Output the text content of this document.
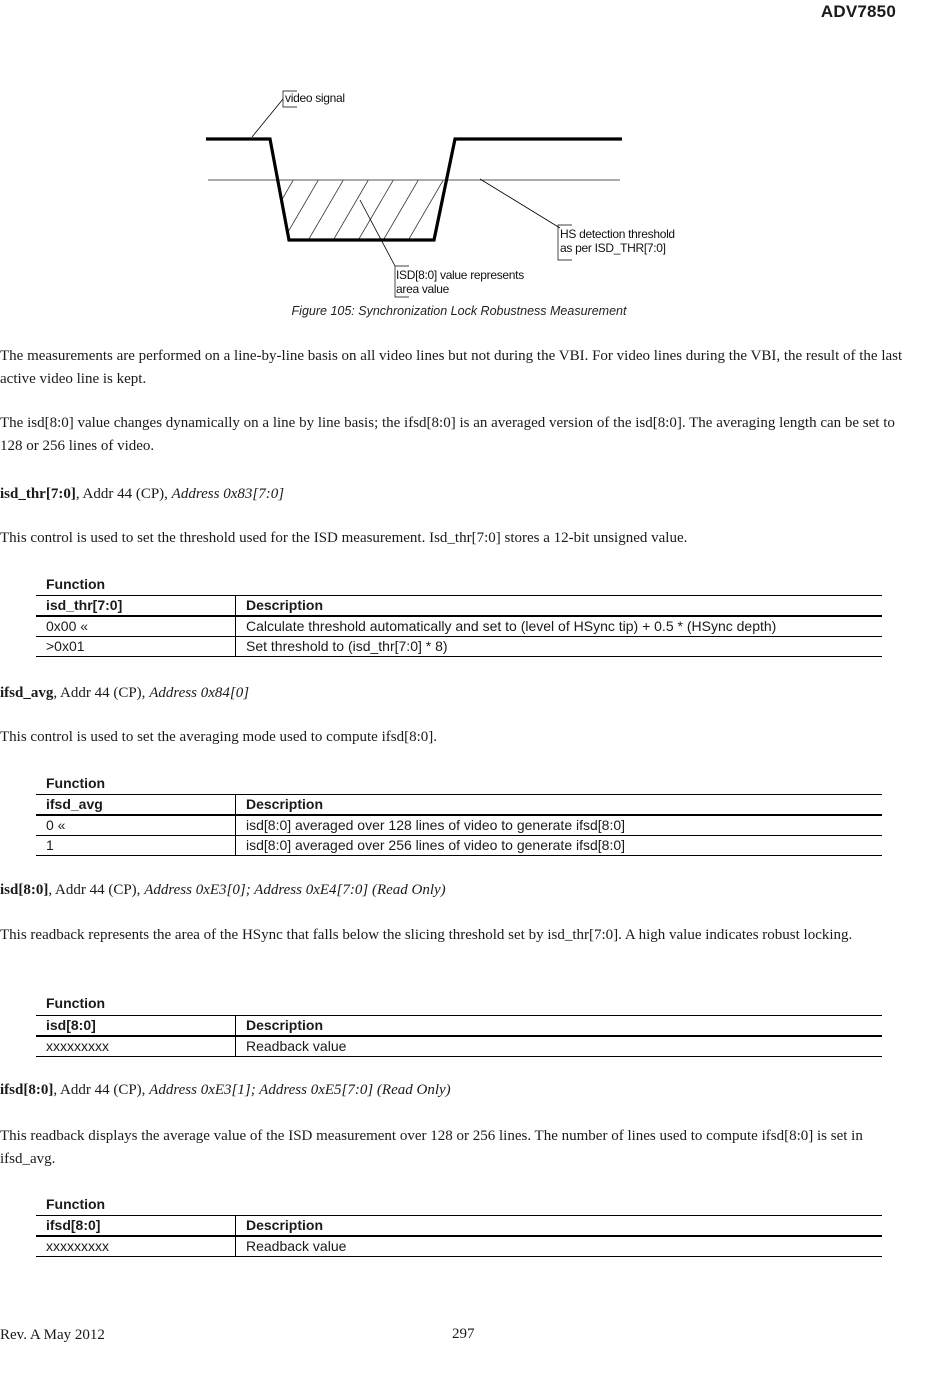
ADV7850
video signal
HS detection threshold
as per ISD_THR[7:0]
ISD[8:0] value represents
area value
Figure 105: Synchronization Lock Robustness Measurement

The measurements are performed on a line-by-line basis on all video lines but not during the VBI. For video lines during the VBI, the result of the last active video line is kept.

The isd[8:0] value changes dynamically on a line by line basis; the ifsd[8:0] is an averaged version of the isd[8:0]. The averaging length can be set to 128 or 256 lines of video.

isd_thr[7:0], Addr 44 (CP), Address 0x83[7:0]

This control is used to set the threshold used for the ISD measurement. Isd_thr[7:0] stores a 12-bit unsigned value.

Function
isd_thr[7:0]	Description
0x00 «	Calculate threshold automatically and set to (level of HSync tip) + 0.5 * (HSync depth)
>0x01	Set threshold to (isd_thr[7:0] * 8)

ifsd_avg, Addr 44 (CP), Address 0x84[0]

This control is used to set the averaging mode used to compute ifsd[8:0].

Function
ifsd_avg	Description
0 «	isd[8:0] averaged over 128 lines of video to generate ifsd[8:0]
1	isd[8:0] averaged over 256 lines of video to generate ifsd[8:0]

isd[8:0], Addr 44 (CP), Address 0xE3[0]; Address 0xE4[7:0] (Read Only)

This readback represents the area of the HSync that falls below the slicing threshold set by isd_thr[7:0]. A high value indicates robust locking.

Function
isd[8:0]	Description
xxxxxxxxx	Readback value

ifsd[8:0], Addr 44 (CP), Address 0xE3[1]; Address 0xE5[7:0] (Read Only)

This readback displays the average value of the ISD measurement over 128 or 256 lines. The number of lines used to compute ifsd[8:0] is set in ifsd_avg.

Function
ifsd[8:0]	Description
xxxxxxxxx	Readback value
Rev. A May 2012	297
